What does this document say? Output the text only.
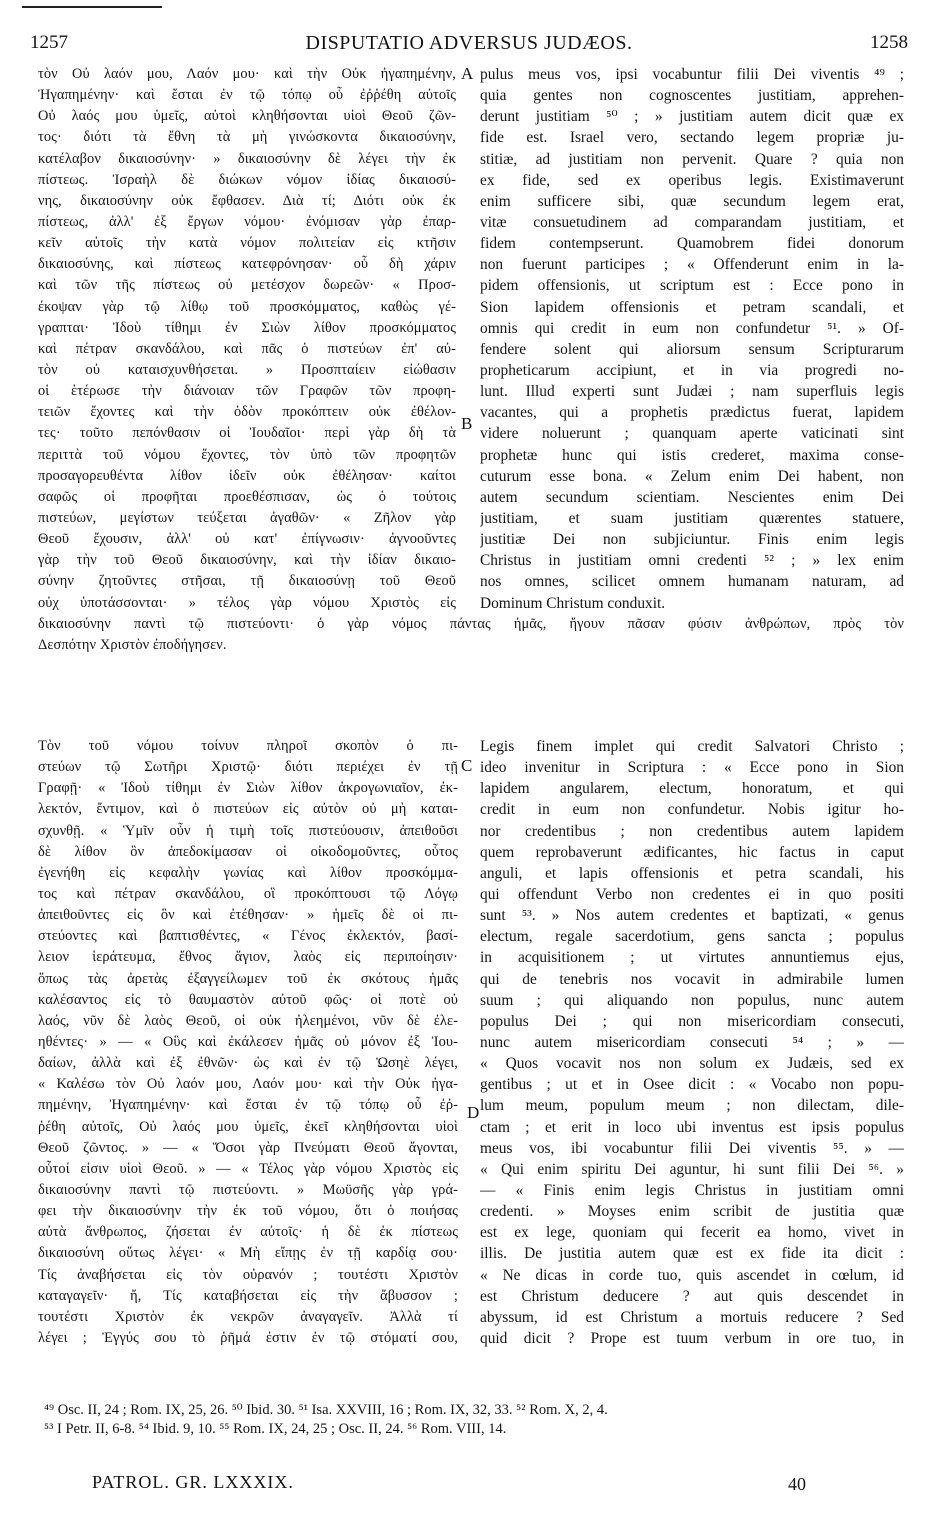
1257	DISPUTATIO ADVERSUS JUDÆOS.	1258
τὸν Οὐ λαόν μου, Λαόν μου· καὶ τὴν Οὐκ ἠγαπημένην,
Ἠγαπημένην· καὶ ἔσται ἐν τῷ τόπῳ οὗ ἐῤῥέθη αὐτοῖς
Οὐ λαός μου ὑμεῖς, αὐτοὶ κληθήσονται υἱοὶ Θεοῦ ζῶν-
τος· διότι τὰ ἔθνη τὰ μὴ γινώσκοντα δικαιοσύνην,
κατέλαβον δικαιοσύνην· » δικαιοσύνην δὲ λέγει τὴν ἐκ
πίστεως. Ἰσραὴλ δὲ διώκων νόμον ἰδίας δικαιοσύ-
νης, δικαιοσύνην οὐκ ἔφθασεν. Διὰ τί; Διότι οὐκ ἐκ
πίστεως, ἀλλ' ἐξ ἔργων νόμου· ἐνόμισαν γὰρ ἐπαρ-
κεῖν αὐτοῖς τὴν κατὰ νόμον πολιτείαν εἰς κτῆσιν
δικαιοσύνης, καὶ πίστεως κατεφρόνησαν· οὗ δὴ χάριν
καὶ τῶν τῆς πίστεως οὐ μετέσχον δωρεῶν· « Προσ-
έκοψαν γὰρ τῷ λίθῳ τοῦ προσκόμματος, καθὼς γέ-
γραπται· Ἰδοὺ τίθημι ἐν Σιὼν λίθον προσκόμματος
καὶ πέτραν σκανδάλου, καὶ πᾶς ὁ πιστεύων ἐπ' αὐ-
τὸν οὐ καταισχυνθήσεται. » Προσπταίειν εἰώθασιν
οἱ ἑτέρωσε τὴν διάνοιαν τῶν Γραφῶν τῶν προφη-
τειῶν ἔχοντες καὶ τὴν ὁδὸν προκόπτειν οὐκ ἐθέλον-
τες· τοῦτο πεπόνθασιν οἱ Ἰουδαῖοι· περὶ γὰρ δὴ τὰ
περιττὰ τοῦ νόμου ἔχοντες, τὸν ὑπὸ τῶν προφητῶν
προσαγορευθέντα λίθον ἰδεῖν οὐκ ἐθέλησαν· καίτοι
σαφῶς οἱ προφῆται προεθέσπισαν, ὡς ὁ τούτοις
πιστεύων, μεγίστων τεύξεται ἀγαθῶν· « Ζῆλον γὰρ
Θεοῦ ἔχουσιν, ἀλλ' οὐ κατ' ἐπίγνωσιν· ἀγνοοῦντες
γὰρ τὴν τοῦ Θεοῦ δικαιοσύνην, καὶ τὴν ἰδίαν δικαιο-
σύνην ζητοῦντες στῆσαι, τῇ δικαιοσύνῃ τοῦ Θεοῦ
οὐχ ὑποτάσσονται· » τέλος γὰρ νόμου Χριστὸς εἰς
pulus meus vos, ipsi vocabuntur filii Dei viventis ⁴⁹ ;
quia gentes non cognoscentes justitiam, apprehen-
derunt justitiam ⁵⁰ ; » justitiam autem dicit quæ ex
fide est. Israel vero, sectando legem propriæ ju-
stitiæ, ad justitiam non pervenit. Quare ? quia non
ex fide, sed ex operibus legis. Existimaverunt
enim sufficere sibi, quæ secundum legem erat,
vitæ consuetudinem ad comparandam justitiam, et
fidem contempserunt. Quamobrem fidei donorum
non fuerunt participes ; « Offenderunt enim in la-
pidem offensionis, ut scriptum est : Ecce pono in
Sion lapidem offensionis et petram scandali, et
omnis qui credit in eum non confundetur ⁵¹. » Of-
fendere solent qui aliorsum sensum Scripturarum
propheticarum accipiunt, et in via progredi no-
lunt. Illud experti sunt Judæi ; nam superfluis legis
vacantes, qui a prophetis prædictus fuerat, lapidem
videre noluerunt ; quanquam aperte vaticinati sint
prophetæ hunc qui istis crederet, maxima conse-
cuturum esse bona. « Zelum enim Dei habent, non
autem secundum scientiam. Nescientes enim Dei
justitiam, et suam justitiam quærentes statuere,
justitiæ Dei non subjiciuntur. Finis enim legis
Christus in justitiam omni credenti ⁵² ; » lex enim
nos omnes, scilicet omnem humanam naturam, ad
Dominum Christum conduxit.
δικαιοσύνην παντὶ τῷ πιστεύοντι· ὁ γὰρ νόμος πάντας ἡμᾶς, ἤγουν πᾶσαν φύσιν ἀνθρώπων, πρὸς τὸν
Δεσπότην Χριστὸν ἐποδήγησεν.
Τὸν τοῦ νόμου τοίνυν πληροῖ σκοπὸν ὁ πι-
στεύων τῷ Σωτῆρι Χριστῷ· διότι περιέχει ἐν τῇ
Γραφῇ· « Ἰδοὺ τίθημι ἐν Σιὼν λίθον ἀκρογωνιαῖον, ἐκ-
λεκτόν, ἔντιμον, καὶ ὁ πιστεύων εἰς αὐτὸν οὐ μὴ καται-
σχυνθῇ. « Ὑμῖν οὖν ἡ τιμὴ τοῖς πιστεύουσιν, ἀπειθοῦσι
δὲ λίθον ὃν ἀπεδοκίμασαν οἱ οἰκοδομοῦντες, οὗτος
ἐγενήθη εἰς κεφαλὴν γωνίας καὶ λίθον προσκόμμα-
τος καὶ πέτραν σκανδάλου, οἳ προκόπτουσι τῷ Λόγῳ
ἀπειθοῦντες εἰς ὃν καὶ ἐτέθησαν· » ἡμεῖς δὲ οἱ πι-
στεύοντες καὶ βαπτισθέντες, « Γένος ἐκλεκτόν, βασί-
λειον ἱεράτευμα, ἔθνος ἅγιον, λαὸς εἰς περιποίησιν·
ὅπως τὰς ἀρετὰς ἐξαγγείλωμεν τοῦ ἐκ σκότους ἡμᾶς
καλέσαντος εἰς τὸ θαυμαστὸν αὐτοῦ φῶς· οἱ ποτὲ οὐ
λαός, νῦν δὲ λαὸς Θεοῦ, οἱ οὐκ ἠλεημένοι, νῦν δὲ ἐλε-
ηθέντες· » — « Οὓς καὶ ἐκάλεσεν ἡμᾶς οὐ μόνον ἐξ Ἰου-
δαίων, ἀλλὰ καὶ ἐξ ἐθνῶν· ὡς καὶ ἐν τῷ Ὡσηὲ λέγει,
« Καλέσω τὸν Οὐ λαόν μου, Λαόν μου· καὶ τὴν Οὐκ ἠγα-
πημένην, Ἠγαπημένην· καὶ ἔσται ἐν τῷ τόπῳ οὗ ἐῤ-
ῥέθη αὐτοῖς, Οὐ λαός μου ὑμεῖς, ἐκεῖ κληθήσονται υἱοὶ
Θεοῦ ζῶντος. » — « Ὅσοι γὰρ Πνεύματι Θεοῦ ἄγονται,
οὗτοί εἰσιν υἱοὶ Θεοῦ. » — « Τέλος γὰρ νόμου Χριστὸς εἰς
δικαιοσύνην παντὶ τῷ πιστεύοντι. » Μωϋσῆς γὰρ γρά-
φει τὴν δικαιοσύνην τὴν ἐκ τοῦ νόμου, ὅτι ὁ ποιήσας
αὐτὰ ἄνθρωπος, ζήσεται ἐν αὐτοῖς· ἡ δὲ ἐκ πίστεως
δικαιοσύνη οὕτως λέγει· « Μὴ εἴπῃς ἐν τῇ καρδίᾳ σου·
Τίς ἀναβήσεται εἰς τὸν οὐρανόν ; τουτέστι Χριστὸν
καταγαγεῖν· ἤ, Τίς καταβήσεται εἰς τὴν ἄβυσσον ;
τουτέστι Χριστὸν ἐκ νεκρῶν ἀναγαγεῖν. Ἀλλὰ τί
λέγει ; Ἐγγύς σου τὸ ῥῆμά ἐστιν ἐν τῷ στόματί σου,
Legis finem implet qui credit Salvatori Christo ;
ideo invenitur in Scriptura : « Ecce pono in Sion
lapidem angularem, electum, honoratum, et qui
credit in eum non confundetur. Nobis igitur ho-
nor credentibus ; non credentibus autem lapidem
quem reprobaverunt ædificantes, hic factus in caput
anguli, et lapis offensionis et petra scandali, his
qui offendunt Verbo non credentes ei in quo positi
sunt ⁵³. » Nos autem credentes et baptizati, « genus
electum, regale sacerdotium, gens sancta ; populus
in acquisitionem ; ut virtutes annuntiemus ejus,
qui de tenebris nos vocavit in admirabile lumen
suum ; qui aliquando non populus, nunc autem
populus Dei ; qui non misericordiam consecuti,
nunc autem misericordiam consecuti ⁵⁴ ; » —
« Quos vocavit nos non solum ex Judæis, sed ex
gentibus ; ut et in Osee dicit : « Vocabo non popu-
lum meum, populum meum ; non dilectam, dile-
ctam ; et erit in loco ubi inventus est ipsis populus
meus vos, ibi vocabuntur filii Dei viventis ⁵⁵. » —
« Qui enim spiritu Dei aguntur, hi sunt filii Dei ⁵⁶. »
— « Finis enim legis Christus in justitiam omni
credenti. » Moyses enim scribit de justitia quæ
est ex lege, quoniam qui fecerit ea homo, vivet in
illis. De justitia autem quæ est ex fide ita dicit :
« Ne dicas in corde tuo, quis ascendet in cœlum, id
est Christum deducere ? aut quis descendet in
abyssum, id est Christum a mortuis reducere ? Sed
quid dicit ? Prope est tuum verbum in ore tuo, in
A
B
C
D
⁴⁹ Osc. II, 24 ; Rom. IX, 25, 26. ⁵⁰ Ibid. 30. ⁵¹ Isa. XXVIII, 16 ; Rom. IX, 32, 33. ⁵² Rom. X, 2, 4.
⁵³ I Petr. II, 6-8. ⁵⁴ Ibid. 9, 10. ⁵⁵ Rom. IX, 24, 25 ; Osc. II, 24. ⁵⁶ Rom. VIII, 14.
PATROL. GR. LXXXIX.	40
